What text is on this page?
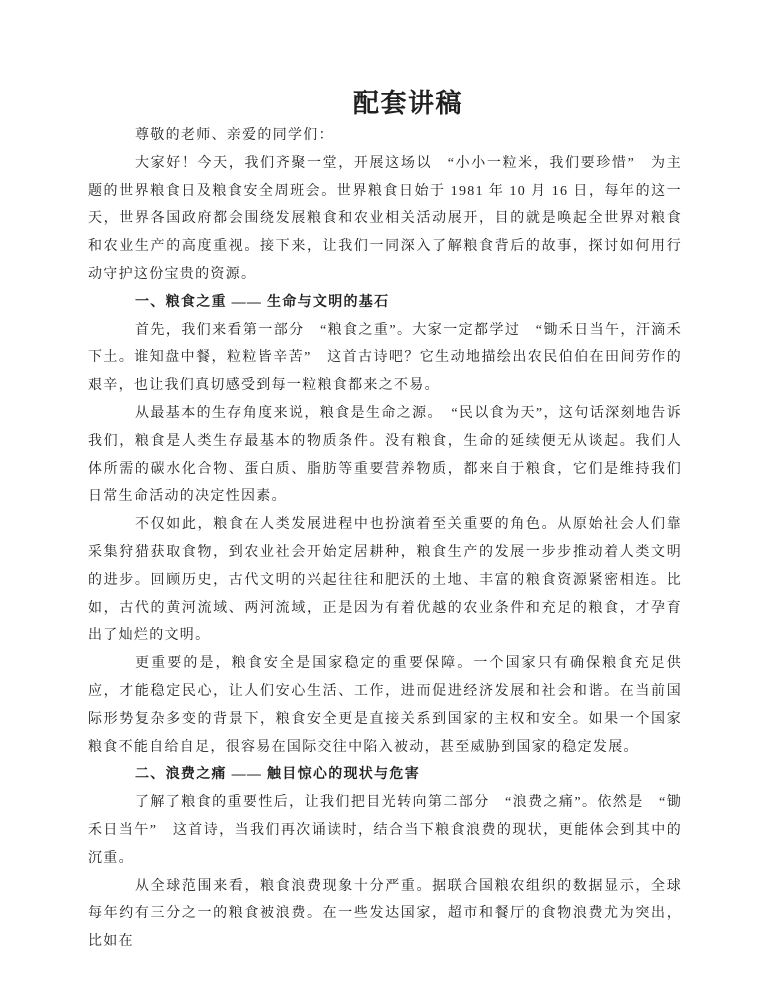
配套讲稿

尊敬的老师、亲爱的同学们：

大家好！今天，我们齐聚一堂，开展这场以　“小小一粒米，我们要珍惜”　为主题的世界粮食日及粮食安全周班会。世界粮食日始于 1981 年 10 月 16 日，每年的这一天，世界各国政府都会围绕发展粮食和农业相关活动展开，目的就是唤起全世界对粮食和农业生产的高度重视。接下来，让我们一同深入了解粮食背后的故事，探讨如何用行动守护这份宝贵的资源。

一、粮食之重 —— 生命与文明的基石

首先，我们来看第一部分　“粮食之重”。大家一定都学过　“锄禾日当午，汗滴禾下土。谁知盘中餐，粒粒皆辛苦”　这首古诗吧？它生动地描绘出农民伯伯在田间劳作的艰辛，也让我们真切感受到每一粒粮食都来之不易。

从最基本的生存角度来说，粮食是生命之源。　“民以食为天”，这句话深刻地告诉我们，粮食是人类生存最基本的物质条件。没有粮食，生命的延续便无从谈起。我们人体所需的碳水化合物、蛋白质、脂肪等重要营养物质，都来自于粮食，它们是维持我们日常生命活动的决定性因素。

不仅如此，粮食在人类发展进程中也扮演着至关重要的角色。从原始社会人们靠采集狩猎获取食物，到农业社会开始定居耕种，粮食生产的发展一步步推动着人类文明的进步。回顾历史，古代文明的兴起往往和肥沃的土地、丰富的粮食资源紧密相连。比如，古代的黄河流域、两河流域，正是因为有着优越的农业条件和充足的粮食，才孕育出了灿烂的文明。

更重要的是，粮食安全是国家稳定的重要保障。一个国家只有确保粮食充足供应，才能稳定民心，让人们安心生活、工作，进而促进经济发展和社会和谐。在当前国际形势复杂多变的背景下，粮食安全更是直接关系到国家的主权和安全。如果一个国家粮食不能自给自足，很容易在国际交往中陷入被动，甚至威胁到国家的稳定发展。

二、浪费之痛 —— 触目惊心的现状与危害

了解了粮食的重要性后，让我们把目光转向第二部分　“浪费之痛”。依然是　“锄禾日当午”　这首诗，当我们再次诵读时，结合当下粮食浪费的现状，更能体会到其中的沉重。

从全球范围来看，粮食浪费现象十分严重。据联合国粮农组织的数据显示，全球每年约有三分之一的粮食被浪费。在一些发达国家，超市和餐厅的食物浪费尤为突出，比如在
